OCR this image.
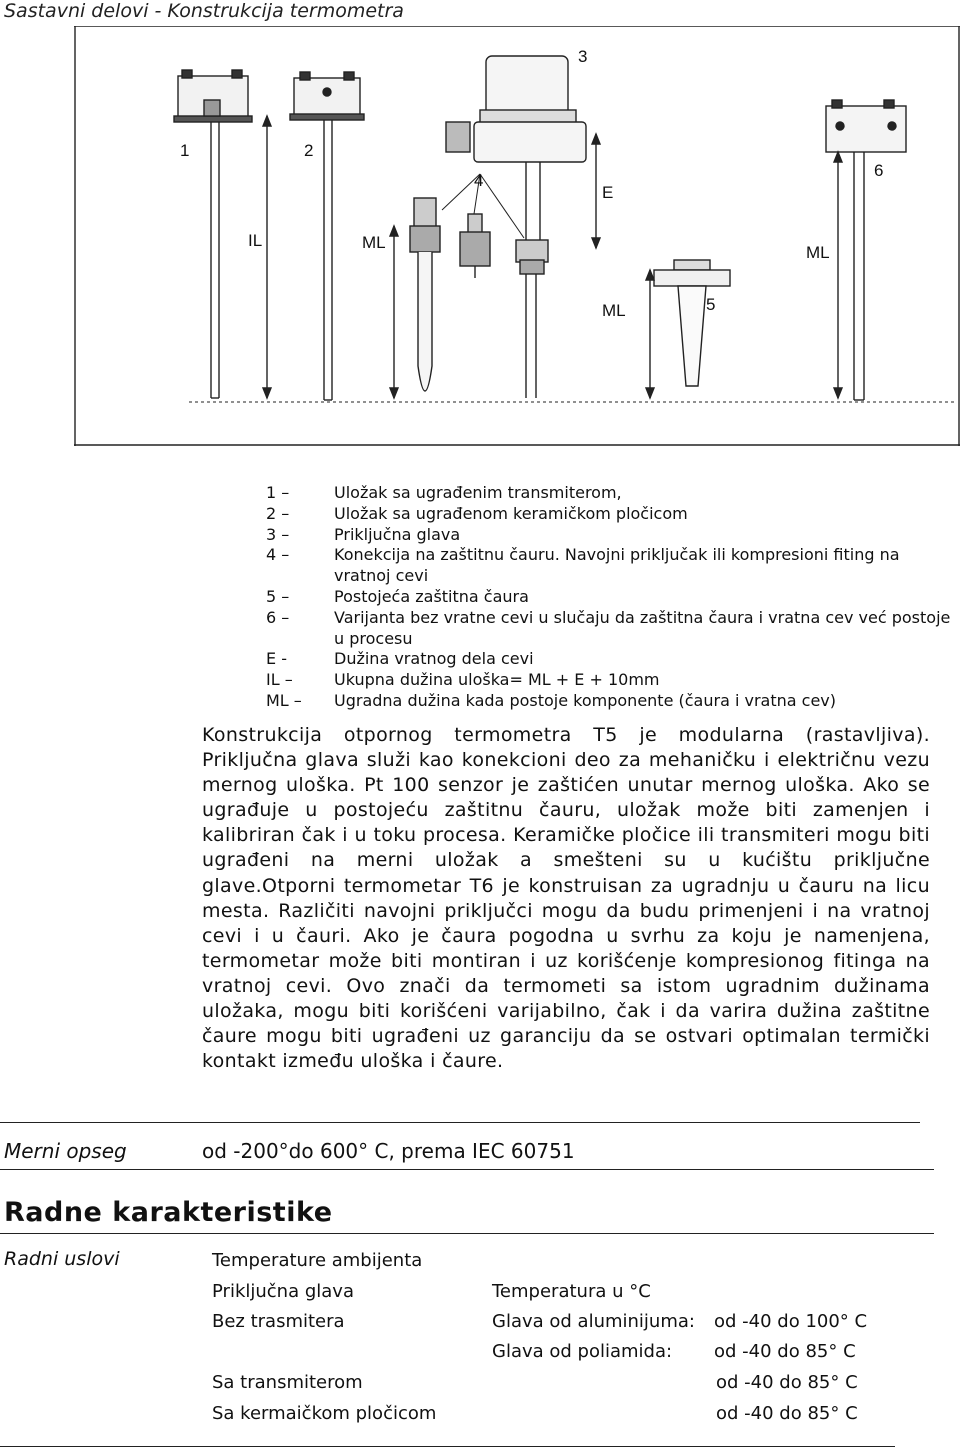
Sastavni delovi - Konstrukcija termometra
1	2
3
4
5
6
IL
E
ML
ML
ML
1 –	Uložak sa ugrađenim transmiterom,
2 –	Uložak sa ugrađenom keramičkom pločicom
3 –	Priključna glava
4 –	Konekcija na zaštitnu čauru. Navojni priključak ili kompresioni fiting na vratnoj cevi
5 –	Postojeća zaštitna čaura
6 –	Varijanta bez vratne cevi u slučaju da zaštitna čaura i vratna cev već postoje u procesu
E -	Dužina vratnog dela cevi
IL –	Ukupna dužina uloška= ML + E + 10mm
ML –	Ugradna dužina kada postoje komponente (čaura i vratna cev)
Konstrukcija otpornog termometra T5 je modularna (rastavljiva). Priključna glava služi kao konekcioni deo za mehaničku i električnu vezu mernog uloška. Pt 100 senzor je zaštićen unutar mernog uloška. Ako se ugrađuje u postojeću zaštitnu čauru, uložak može biti zamenjen i kalibriran čak i u toku procesa. Keramičke pločice ili transmiteri mogu biti ugrađeni na merni uložak a smešteni su u kućištu priključne glave.Otporni termometar T6 je konstruisan za ugradnju u čauru na licu mesta. Različiti navojni priključci mogu da budu primenjeni i na vratnoj cevi i u čauri. Ako je čaura pogodna u svrhu za koju je namenjena, termometar može biti montiran i uz korišćenje kompresionog fitinga na vratnoj cevi. Ovo znači da termometi sa istom ugradnim dužinama uložaka, mogu biti korišćeni varijabilno, čak i da varira dužina zaštitne čaure mogu biti ugrađeni uz garanciju da se ostvari optimalan termički kontakt između uloška i čaure.
Merni opseg	od -200°do 600° C, prema IEC 60751
Radne karakteristike
Radni uslovi	Temperature ambijenta
Priključna glava	Temperatura u °C
Bez trasmitera	Glava od aluminijuma: od -40 do 100° C
Glava od poliamida: od -40 do 85° C
Sa transmiterom	od -40 do 85° C
Sa kermaičkom pločicom	od -40 do 85° C
